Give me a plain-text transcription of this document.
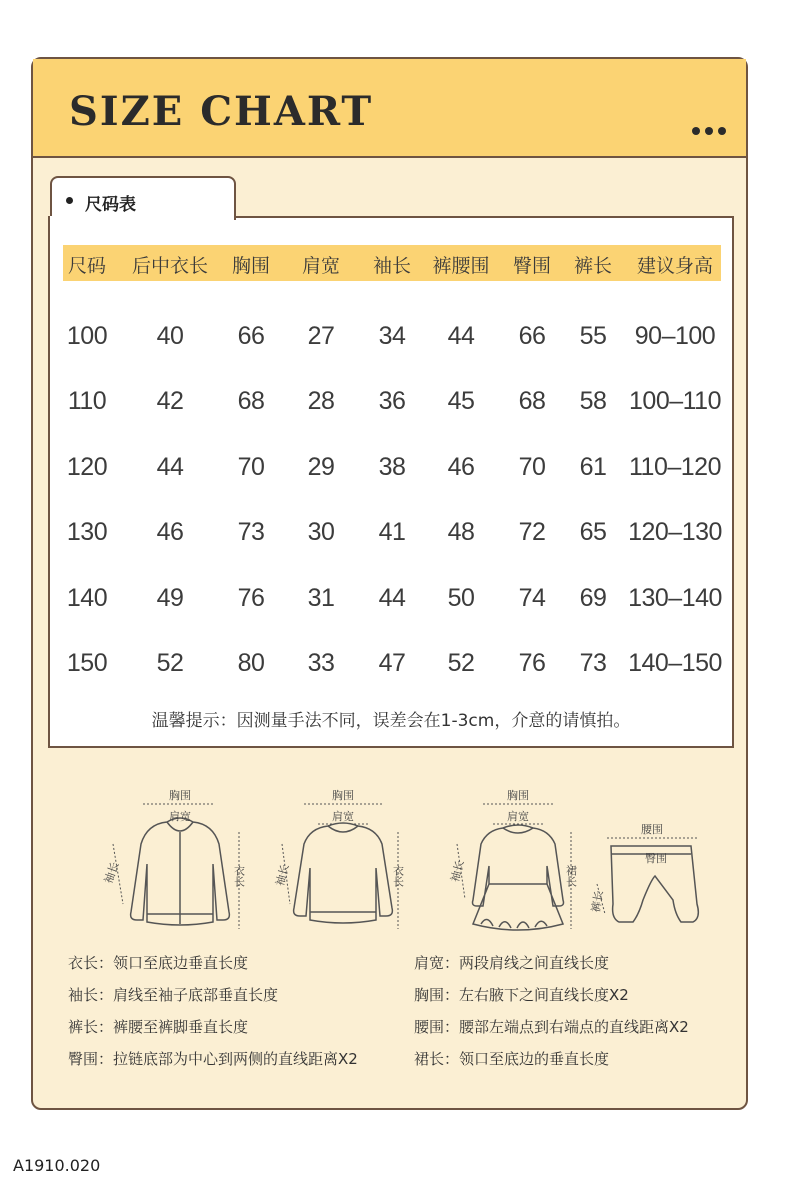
SIZE CHART
尺码表
尺码 后中衣长 胸围 肩宽 袖长 裤腰围 臀围 裤长 建议身高
100 40 66 27 34 44 66 55 90–100
110 42 68 28 36 45 68 58 100–110
120 44 70 29 38 46 70 61 110–120
130 46 73 30 41 48 72 65 120–130
140 49 76 31 44 50 74 69 130–140
150 52 80 33 47 52 76 73 140–150
温馨提示：因测量手法不同，误差会在1-3cm，介意的请慎拍。
胸围
肩宽
袖长	衣长
胸围
肩宽
袖长	衣长
胸围
肩宽
袖长	裙长
腰围
臀围
裤长
衣长：领口至底边垂直长度
袖长：肩线至袖子底部垂直长度
裤长：裤腰至裤脚垂直长度
臀围：拉链底部为中心到两侧的直线距离X2
肩宽：两段肩线之间直线长度
胸围：左右腋下之间直线长度X2
腰围：腰部左端点到右端点的直线距离X2
裙长：领口至底边的垂直长度
A1910.020
